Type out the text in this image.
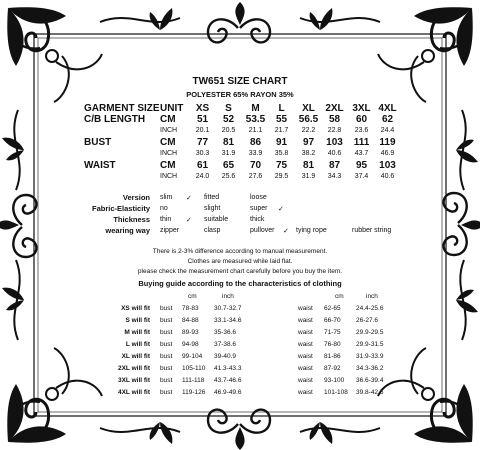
TW651 SIZE CHART
POLYESTER 65% RAYON 35%
GARMENT SIZE UNIT	XS	S	M	L	XL	2XL 3XL 4XL
C/B LENGTH CM	51	52	53.5	55	56.5	58	60	62
INCH	20.1	20.5	21.1	21.7	22.2	22.8	23.6	24.4
BUST	CM	77	81	86	91	97	103	111	119
INCH	30.3	31.9	33.9	35.8	38.2	40.6	43.7	46.9
WAIST	CM	61	65	70	75	81	87	95	103
INCH	24.0	25.6	27.6	29.5	31.9	34.3	37.4	40.6
Version slim ✓ fitted	loose
Fabric-Elasticity no	slight	super ✓
Thickness thin ✓ suitable	thick
wearing way zipper	clasp	pullover ✓ tying rope	rubber string
There is 2-3% difference according to manual measurement.
Clothes are measured while laid flat.
please check the measurement chart carefully before you buy the item.
Buying guide according to the characteristics of clothing
cm	inch	cm	inch
XS will fit bust 78-83 30.7-32.7	waist 62-65 24.4-25.6
S will fit bust 84-88 33.1-34.6	waist 66-70 26-27.6
M will fit bust 89-93 35-36.6	waist 71-75 29.9-29.5
L will fit bust 94-98 37-38.6	waist 76-80 29.9-31.5
XL will fit bust 99-104 39-40.9	waist 81-86 31.9-33.9
2XL will fit bust 105-110 41.3-43.3	waist 87-92 34.3-36.2
3XL will fit bust 111-118 43.7-46.6	waist 93-100 36.6-39.4
4XL will fit bust 119-126 46.9-49.6	waist 101-108 39.8-42.5
